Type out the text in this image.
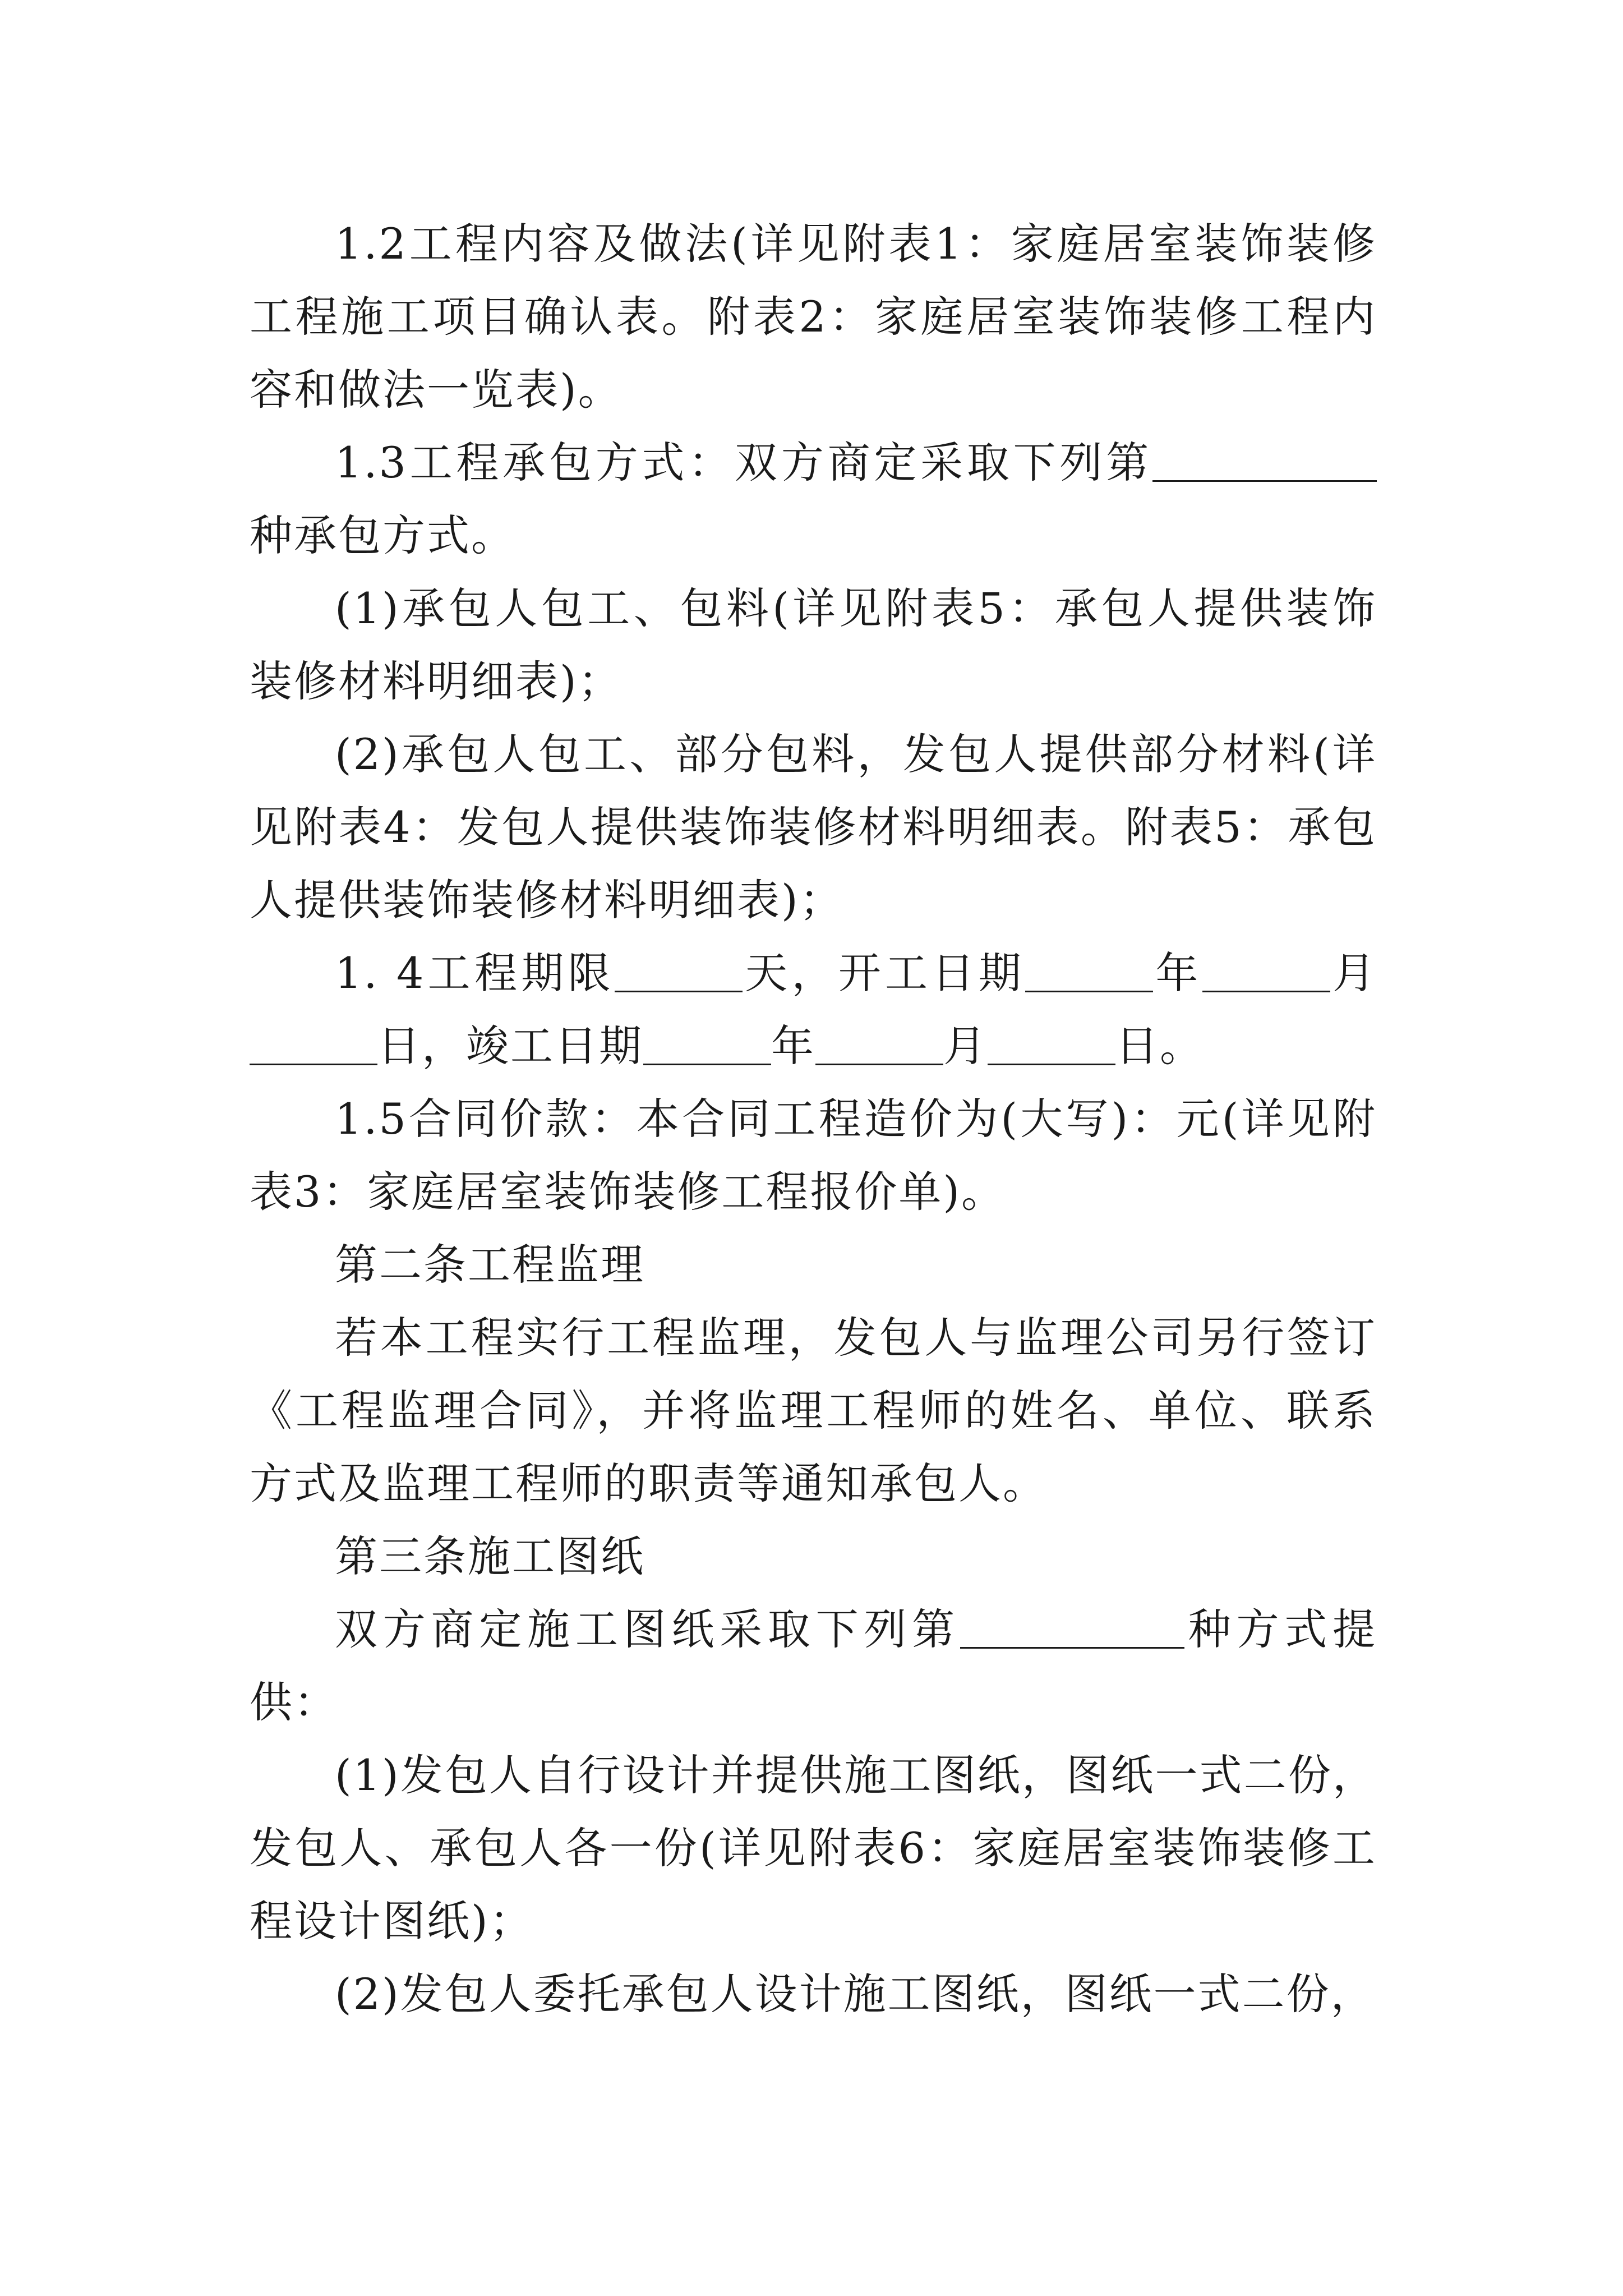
1.2工程内容及做法(详见附表1：家庭居室装饰装修工程施工项目确认表。附表2：家庭居室装饰装修工程内容和做法一览表)。

1.3工程承包方式：双方商定采取下列第种承包方式。

(1)承包人包工、包料(详见附表5：承包人提供装饰装修材料明细表)；

(2)承包人包工、部分包料，发包人提供部分材料(详见附表4：发包人提供装饰装修材料明细表。附表5：承包人提供装饰装修材料明细表)；

1. 4工程期限	天，开工日期	年	月日，竣工日期	年	月	日。

1.5合同价款：本合同工程造价为(大写)：元(详见附表3：家庭居室装饰装修工程报价单)。

第二条工程监理

若本工程实行工程监理，发包人与监理公司另行签订《工程监理合同》，并将监理工程师的姓名、单位、联系方式及监理工程师的职责等通知承包人。

第三条施工图纸

双方商定施工图纸采取下列第	种方式提供：

(1)发包人自行设计并提供施工图纸，图纸一式二份，发包人、承包人各一份(详见附表6：家庭居室装饰装修工程设计图纸)；

(2)发包人委托承包人设计施工图纸，图纸一式二份，
